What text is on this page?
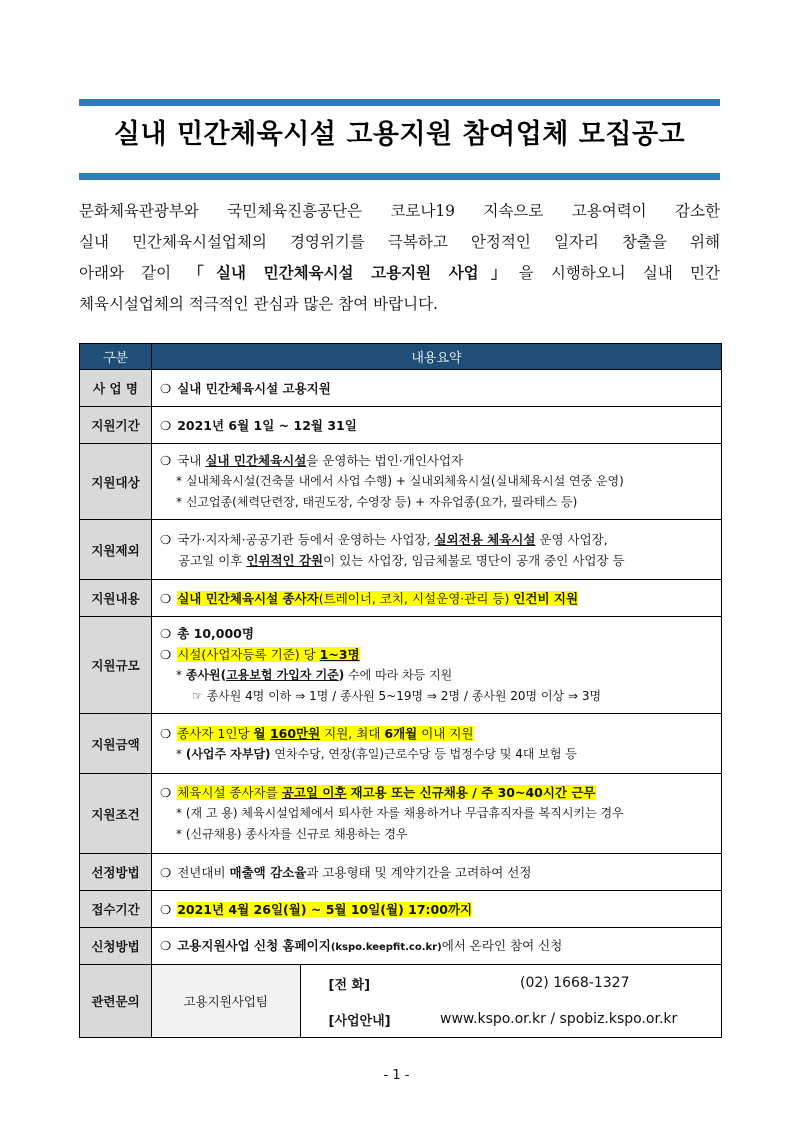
실내 민간체육시설 고용지원 참여업체 모집공고
문화체육관광부와 국민체육진흥공단은 코로나19 지속으로 고용여력이 감소한
실내 민간체육시설업체의 경영위기를 극복하고 안정적인 일자리 창출을 위해
아래와 같이 「실내 민간체육시설 고용지원 사업」을 시행하오니 실내 민간
체육시설업체의 적극적인 관심과 많은 참여 바랍니다.
구분	내용요약
사 업 명	❍ 실내 민간체육시설 고용지원
지원기간	❍ 2021년 6월 1일 ~ 12월 31일
지원대상	
❍ 국내 실내 민간체육시설을 운영하는 법인·개인사업자
* 실내체육시설(건축물 내에서 사업 수행) + 실내외체육시설(실내체육시설 연중 운영)
* 신고업종(체력단련장, 태권도장, 수영장 등) + 자유업종(요가, 필라테스 등)

지원제외	
❍ 국가·지자체·공공기관 등에서 운영하는 사업장, 실외전용 체육시설 운영 사업장,
공고일 이후 인위적인 감원이 있는 사업장, 임금체불로 명단이 공개 중인 사업장 등

지원내용	❍ 실내 민간체육시설 종사자(트레이너, 코치, 시설운영·관리 등) 인건비 지원
지원규모	
❍ 총 10,000명
❍ 시설(사업자등록 기준) 당 1~3명
* 종사원(고용보험 가입자 기준) 수에 따라 차등 지원
☞ 종사원 4명 이하 ⇒ 1명 / 종사원 5~19명 ⇒ 2명 / 종사원 20명 이상 ⇒ 3명

지원금액	
❍ 종사자 1인당 월 160만원 지원, 최대 6개월 이내 지원
* (사업주 자부담) 연차수당, 연장(휴일)근로수당 등 법정수당 및 4대 보험 등

지원조건	
❍ 체육시설 종사자를 공고일 이후 재고용 또는 신규채용 / 주 30~40시간 근무
* (재 고 용) 체육시설업체에서 퇴사한 자를 채용하거나 무급휴직자를 복직시키는 경우
* (신규채용) 종사자를 신규로 채용하는 경우

선정방법	❍ 전년대비 매출액 감소율과 고용형태 및 계약기간을 고려하여 선정
접수기간	❍ 2021년 4월 26일(월) ~ 5월 10일(월) 17:00까지
신청방법	❍ 고용지원사업 신청 홈페이지(kspo.keepfit.co.kr)에서 온라인 참여 신청
관련문의		고용지원사업팀	[전 화]	(02) 1668-1327
[사업안내]	www.kspo.or.kr / spobiz.kspo.or.kr
- 1 -
